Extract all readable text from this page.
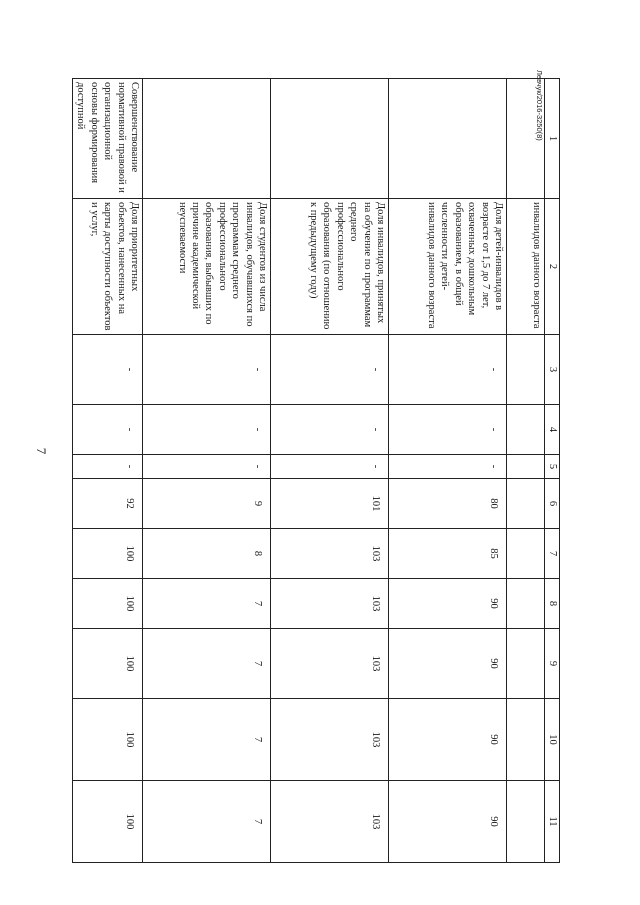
7
Левчук/2016-3250(8) 1	2	3	4	5	6	7	8	9	10	11
	инвалидов данного возраста									
	Доля детей-инвалидов в возрасте от 1,5 до 7 лет, охваченных дошкольным образованием, в общей численности детей-инвалидов данного возраста	-	-	-	80	85	90	90	90	90
	Доля инвалидов, принятых на обучение по программам среднего профессионального образования (по отношению к предыдущему году)	-	-	-	101	103	103	103	103	103
	Доля студентов из числа инвалидов, обучавшихся по программам среднего профессионального образования, выбывших по причине академической неуспеваемости	-	-	-	9	8	7	7	7	7
Совершенствование нормативной правовой и организационной основы формирования доступной	Доля приоритетных объектов, нанесенных на карты доступности объектов и услуг,	-	-	-	92	100	100	100	100	100
